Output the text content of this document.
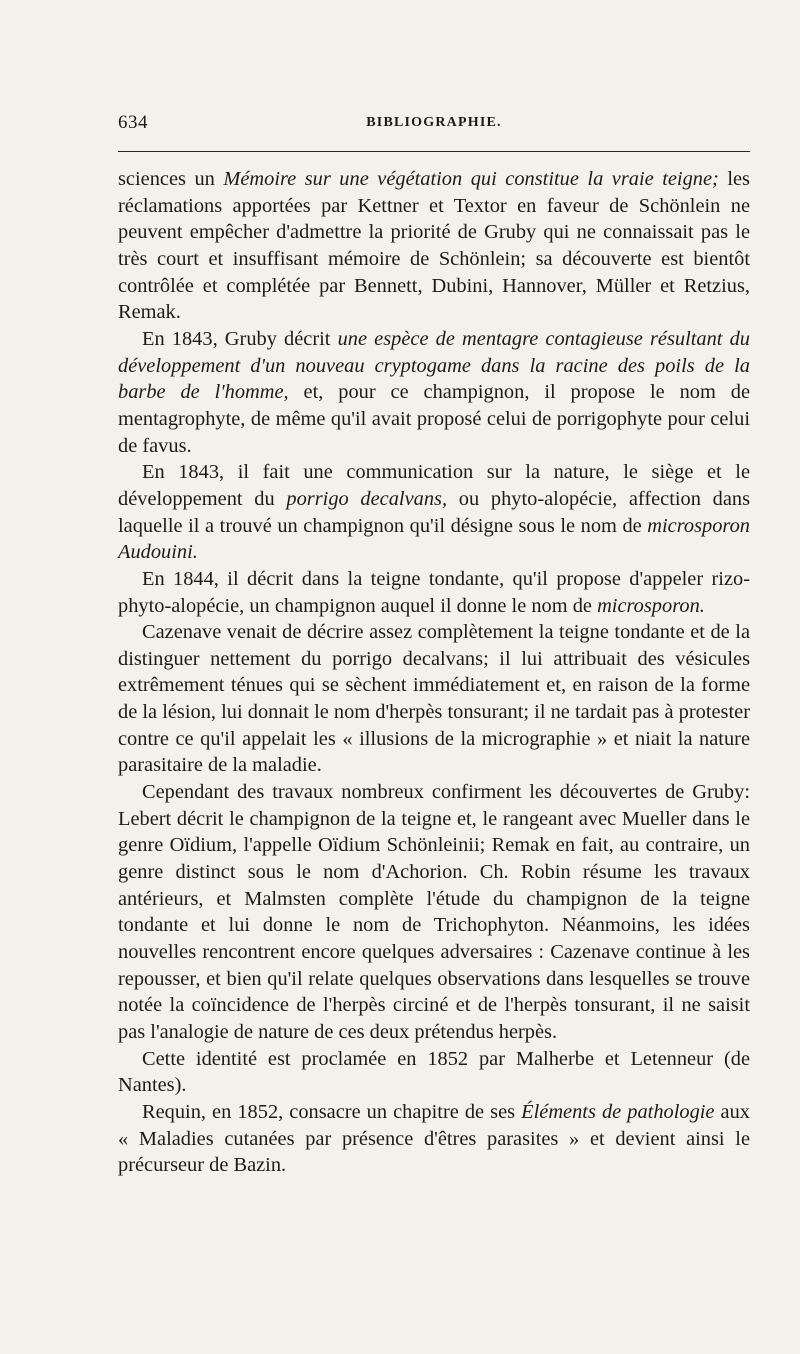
634	BIBLIOGRAPHIE.

sciences un Mémoire sur une végétation qui constitue la vraie teigne; les réclamations apportées par Kettner et Textor en faveur de Schönlein ne peuvent empêcher d'admettre la priorité de Gruby qui ne connaissait pas le très court et insuffisant mémoire de Schönlein; sa découverte est bientôt contrôlée et complétée par Bennett, Dubini, Hannover, Müller et Retzius, Remak.

En 1843, Gruby décrit une espèce de mentagre contagieuse résultant du développement d'un nouveau cryptogame dans la racine des poils de la barbe de l'homme, et, pour ce champignon, il propose le nom de mentagrophyte, de même qu'il avait proposé celui de porrigophyte pour celui de favus.

En 1843, il fait une communication sur la nature, le siège et le développement du porrigo decalvans, ou phyto-alopécie, affection dans laquelle il a trouvé un champignon qu'il désigne sous le nom de microsporon Audouini.

En 1844, il décrit dans la teigne tondante, qu'il propose d'appeler rizo-phyto-alopécie, un champignon auquel il donne le nom de microsporon.

Cazenave venait de décrire assez complètement la teigne tondante et de la distinguer nettement du porrigo decalvans; il lui attribuait des vésicules extrêmement ténues qui se sèchent immédiatement et, en raison de la forme de la lésion, lui donnait le nom d'herpès tonsurant; il ne tardait pas à protester contre ce qu'il appelait les « illusions de la micrographie » et niait la nature parasitaire de la maladie.

Cependant des travaux nombreux confirment les découvertes de Gruby: Lebert décrit le champignon de la teigne et, le rangeant avec Mueller dans le genre Oïdium, l'appelle Oïdium Schönleinii; Remak en fait, au contraire, un genre distinct sous le nom d'Achorion. Ch. Robin résume les travaux antérieurs, et Malmsten complète l'étude du champignon de la teigne tondante et lui donne le nom de Trichophyton. Néanmoins, les idées nouvelles rencontrent encore quelques adversaires : Cazenave continue à les repousser, et bien qu'il relate quelques observations dans lesquelles se trouve notée la coïncidence de l'herpès circiné et de l'herpès tonsurant, il ne saisit pas l'analogie de nature de ces deux prétendus herpès.

Cette identité est proclamée en 1852 par Malherbe et Letenneur (de Nantes).

Requin, en 1852, consacre un chapitre de ses Éléments de pathologie aux « Maladies cutanées par présence d'êtres parasites » et devient ainsi le précurseur de Bazin.
